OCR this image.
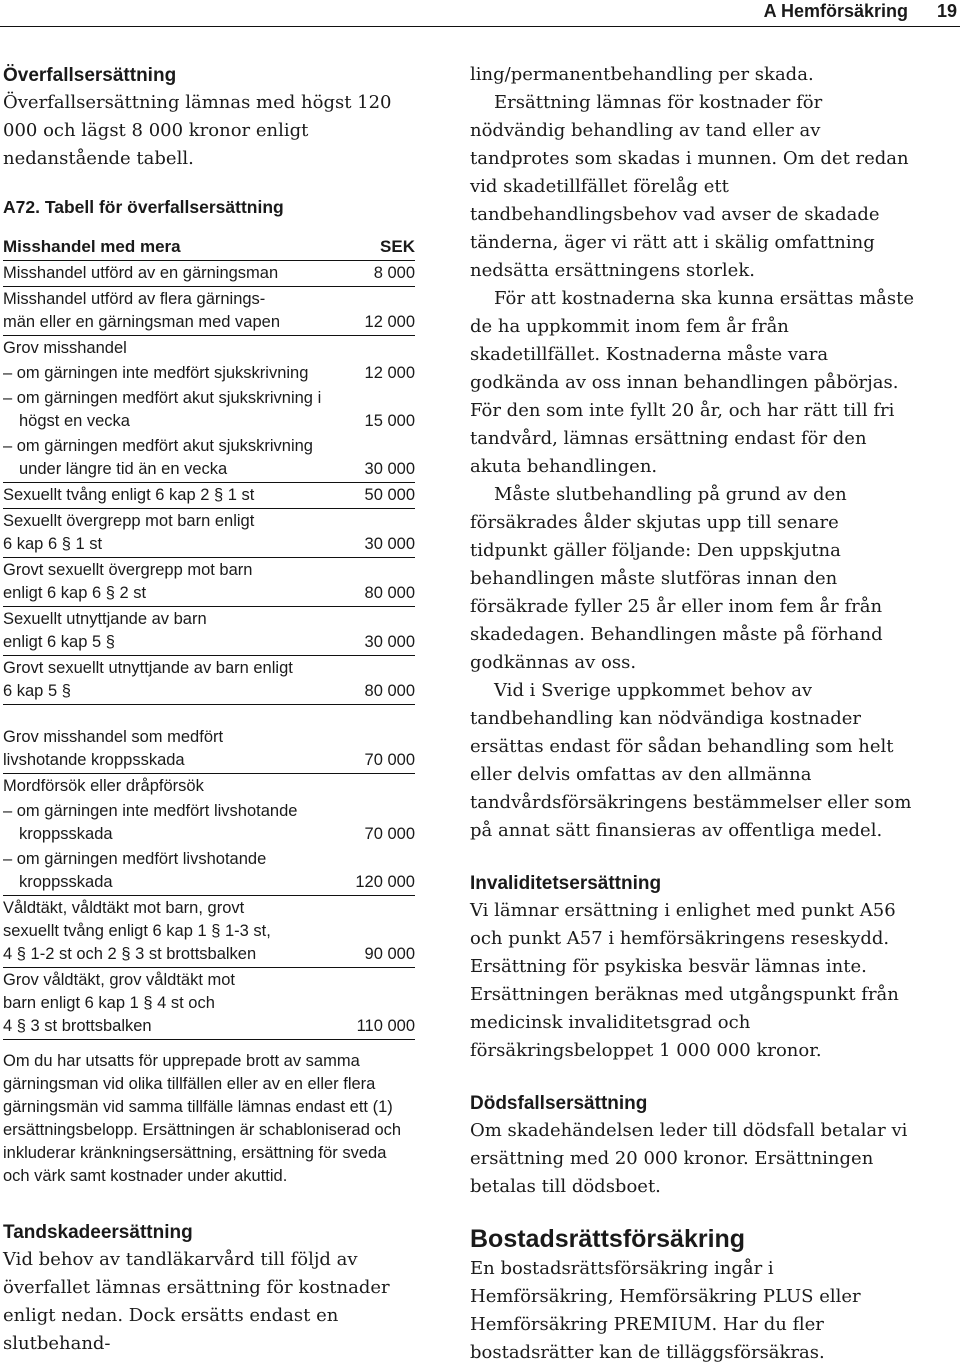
A Hemförsäkring 19
Överfallsersättning

Överfallsersättning lämnas med högst 120 000 och lägst 8 000 kronor enligt nedanstående tabell.

A72. Tabell för överfallsersättning
Misshandel med mera	SEK
Misshandel utförd av en gärningsman	8 000
Misshandel utförd av flera gärnings-
män eller en gärningsman med vapen	12 000
Grov misshandel	
– om gärningen inte medfört sjukskrivning	12 000
– om gärningen medfört akut sjukskrivning i högst en vecka	15 000
– om gärningen medfört akut sjukskrivning under längre tid än en vecka	30 000
Sexuellt tvång enligt 6 kap 2 § 1 st	50 000
Sexuellt övergrepp mot barn enligt
6 kap 6 § 1 st	30 000
Grovt sexuellt övergrepp mot barn
enligt 6 kap 6 § 2 st	80 000
Sexuellt utnyttjande av barn
enligt 6 kap 5 §	30 000
Grovt sexuellt utnyttjande av barn enligt
6 kap 5 §	80 000
Grov misshandel som medfört
livshotande kroppsskada	70 000
Mordförsök eller dråpförsök	
– om gärningen inte medfört livshotande kroppsskada	70 000
– om gärningen medfört livshotande kroppsskada	120 000
Våldtäkt, våldtäkt mot barn, grovt
sexuellt tvång enligt 6 kap 1 § 1-3 st,
4 § 1-2 st och 2 § 3 st brottsbalken	90 000
Grov våldtäkt, grov våldtäkt mot
barn enligt 6 kap 1 § 4 st och
4 § 3 st brottsbalken	110 000

Om du har utsatts för upprepade brott av samma gärningsman vid olika tillfällen eller av en eller flera gärningsmän vid samma tillfälle lämnas endast ett (1) ersättningsbelopp. Ersättningen är schabloniserad och inkluderar kränkningsersättning, ersättning för sveda och värk samt kostnader under akuttid.

Tandskadeersättning

Vid behov av tandläkarvård till följd av överfallet lämnas ersättning för kostnader enligt nedan. Dock ersätts endast en slutbehand-

ling/permanentbehandling per skada.

Ersättning lämnas för kostnader för nödvändig behandling av tand eller av tandprotes som skadas i munnen. Om det redan vid skadetillfället förelåg ett tandbehandlingsbehov vad avser de skadade tänderna, äger vi rätt att i skälig omfattning nedsätta ersättningens storlek.

För att kostnaderna ska kunna ersättas måste de ha uppkommit inom fem år från skadetillfället. Kostnaderna måste vara godkända av oss innan behandlingen påbörjas. För den som inte fyllt 20 år, och har rätt till fri tandvård, lämnas ersättning endast för den akuta behandlingen.

Måste slutbehandling på grund av den försäkrades ålder skjutas upp till senare tidpunkt gäller följande: Den uppskjutna behandlingen måste slutföras innan den försäkrade fyller 25 år eller inom fem år från skadedagen. Behandlingen måste på förhand godkännas av oss.

Vid i Sverige uppkommet behov av tandbehandling kan nödvändiga kostnader ersättas endast för sådan behandling som helt eller delvis omfattas av den allmänna tandvårdsförsäkringens bestämmelser eller som på annat sätt finansieras av offentliga medel.

Invaliditetsersättning

Vi lämnar ersättning i enlighet med punkt A56 och punkt A57 i hemförsäkringens reseskydd. Ersättning för psykiska besvär lämnas inte. Ersättningen beräknas med utgångspunkt från medicinsk invaliditetsgrad och försäkringsbeloppet 1 000 000 kronor.

Dödsfallsersättning

Om skadehändelsen leder till dödsfall betalar vi ersättning med 20 000 kronor. Ersättningen betalas till dödsboet.

Bostadsrättsförsäkring

En bostadsrättsförsäkring ingår i Hemförsäkring, Hemförsäkring PLUS eller Hemförsäkring PREMIUM. Har du fler bostadsrätter kan de tilläggsförsäkras.
